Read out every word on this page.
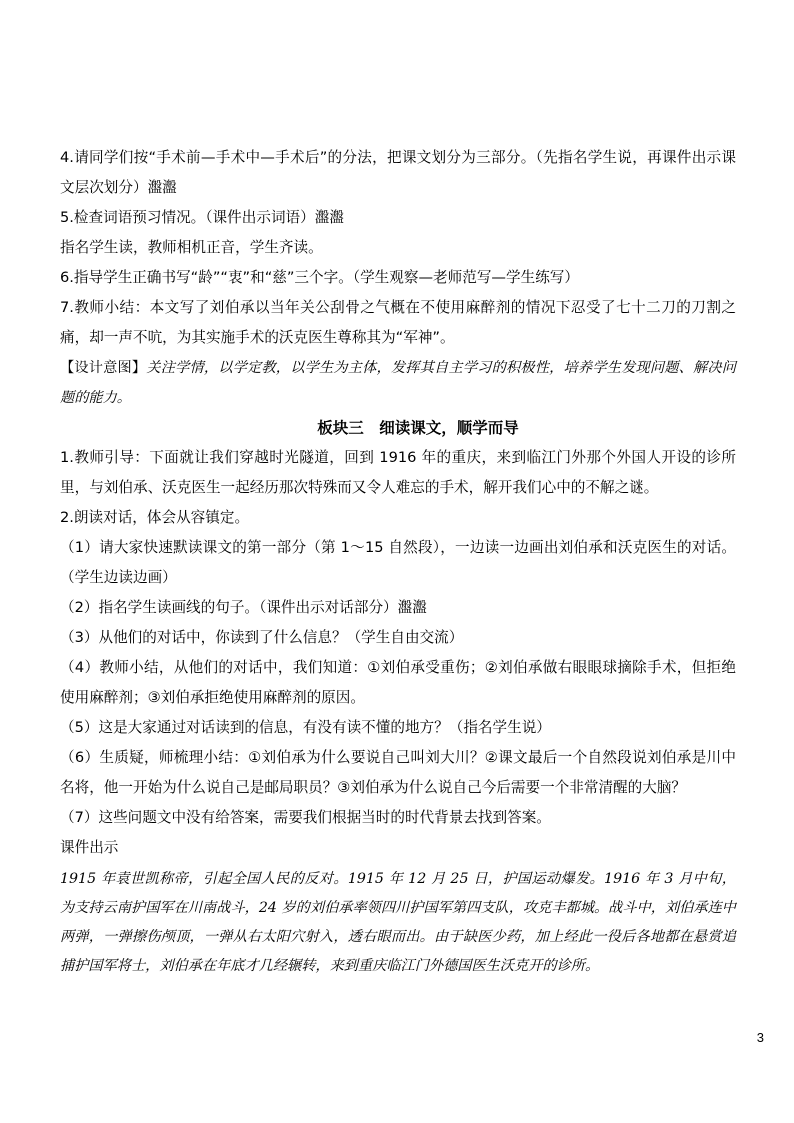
4.请同学们按“手术前—手术中—手术后”的分法，把课文划分为三部分。（先指名学生说，再课件出示课文层次划分）瀊瀊

5.检查词语预习情况。（课件出示词语）瀊瀊

指名学生读，教师相机正音，学生齐读。

6.指导学生正确书写“龄”“衷”和“慈”三个字。（学生观察—老师范写—学生练写）

7.教师小结：本文写了刘伯承以当年关公刮骨之气概在不使用麻醉剂的情况下忍受了七十二刀的刀割之痛，却一声不吭，为其实施手术的沃克医生尊称其为“军神”。

【设计意图】关注学情，以学定教，以学生为主体，发挥其自主学习的积极性，培养学生发现问题、解决问题的能力。

板块三　细读课文，顺学而导

1.教师引导：下面就让我们穿越时光隧道，回到 1916 年的重庆，来到临江门外那个外国人开设的诊所里，与刘伯承、沃克医生一起经历那次特殊而又令人难忘的手术，解开我们心中的不解之谜。

2.朗读对话，体会从容镇定。

（1）请大家快速默读课文的第一部分（第 1～15 自然段），一边读一边画出刘伯承和沃克医生的对话。（学生边读边画）

（2）指名学生读画线的句子。（课件出示对话部分）瀊瀊

（3）从他们的对话中，你读到了什么信息？（学生自由交流）

（4）教师小结，从他们的对话中，我们知道：①刘伯承受重伤；②刘伯承做右眼眼球摘除手术，但拒绝使用麻醉剂；③刘伯承拒绝使用麻醉剂的原因。

（5）这是大家通过对话读到的信息，有没有读不懂的地方？（指名学生说）

（6）生质疑，师梳理小结：①刘伯承为什么要说自己叫刘大川？②课文最后一个自然段说刘伯承是川中名将，他一开始为什么说自己是邮局职员？③刘伯承为什么说自己今后需要一个非常清醒的大脑？

（7）这些问题文中没有给答案，需要我们根据当时的时代背景去找到答案。

课件出示

1915 年袁世凯称帝，引起全国人民的反对。1915 年 12 月 25 日，护国运动爆发。1916 年 3 月中旬，为支持云南护国军在川南战斗，24 岁的刘伯承率领四川护国军第四支队，攻克丰都城。战斗中，刘伯承连中两弹，一弹擦伤颅顶，一弹从右太阳穴射入，透右眼而出。由于缺医少药，加上经此一役后各地都在悬赏追捕护国军将士，刘伯承在年底才几经辗转，来到重庆临江门外德国医生沃克开的诊所。

3
